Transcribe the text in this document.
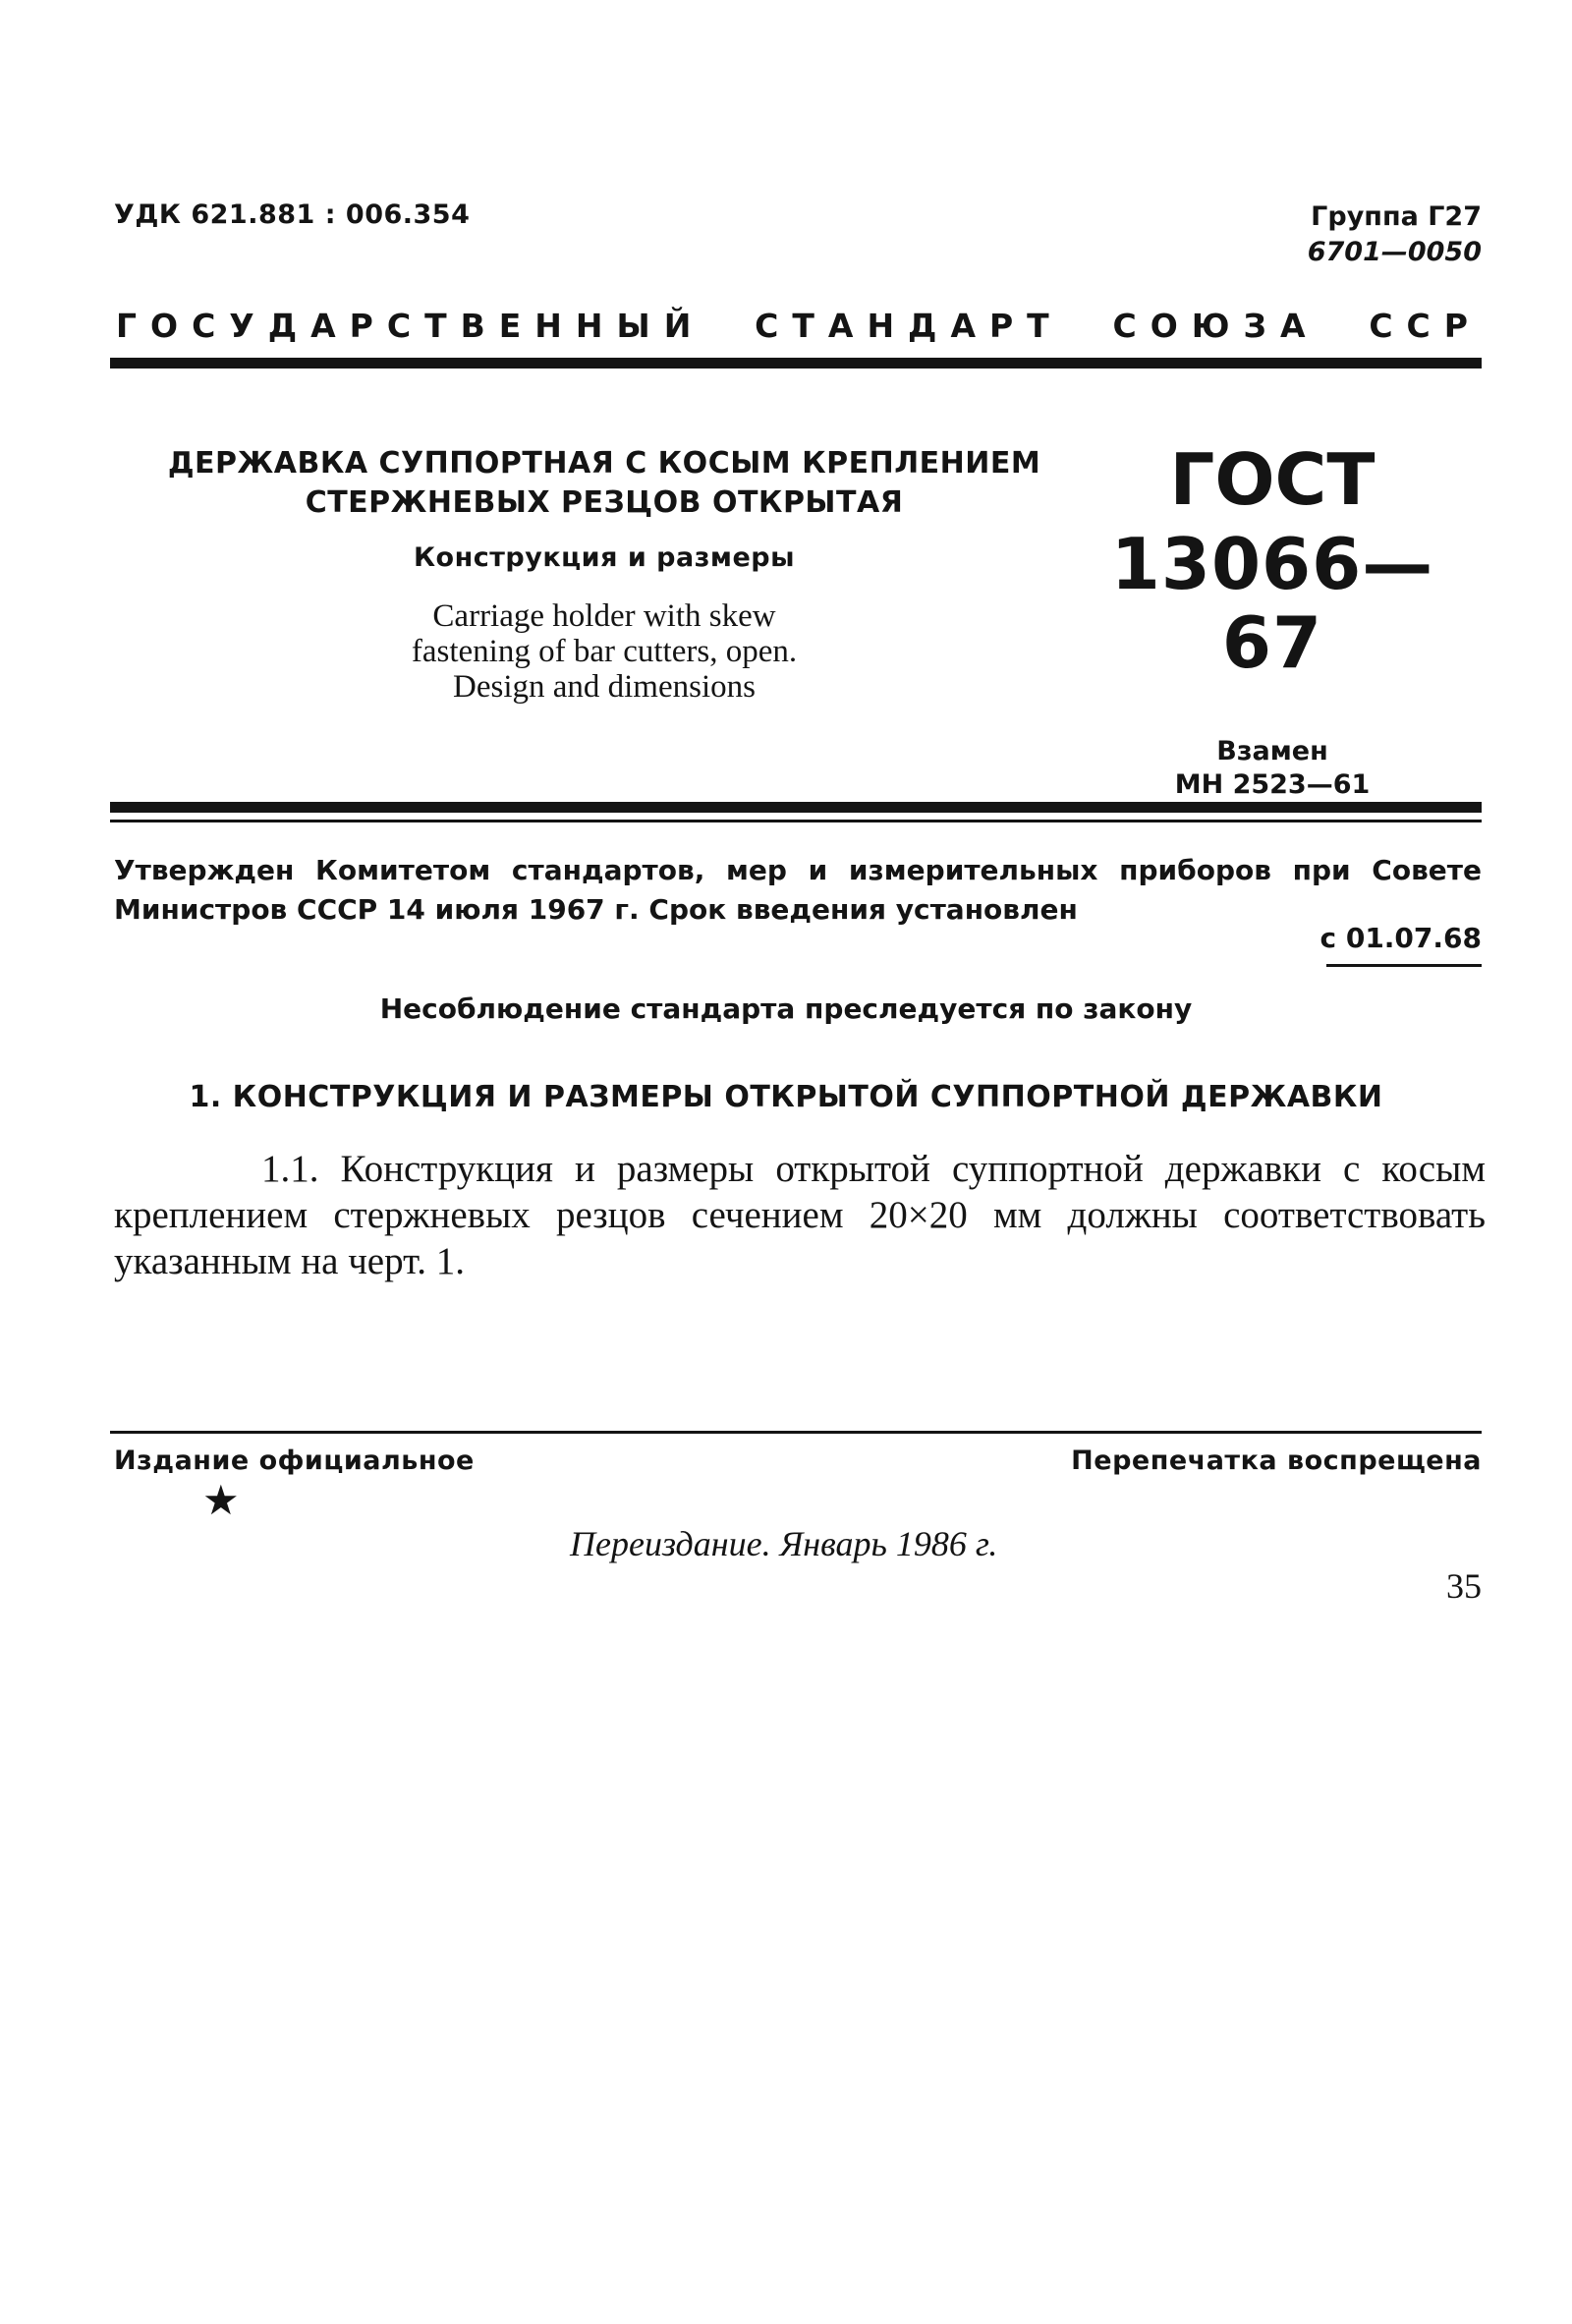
УДК 621.881 : 006.354	Группа Г27
6701—0050
ГОСУДАРСТВЕННЫЙ СТАНДАРТ СОЮЗА ССР
ДЕРЖАВКА СУППОРТНАЯ С КОСЫМ КРЕПЛЕНИЕМ
СТЕРЖНЕВЫХ РЕЗЦОВ ОТКРЫТАЯ
Конструкция и размеры
Carriage holder with skew
fastening of bar cutters, open.
Design and dimensions
ГОСТ
13066—67
Взамен
МН 2523—61
Утвержден Комитетом стандартов, мер и измерительных приборов при Совете Министров СССР 14 июля 1967 г. Срок введения установлен
с 01.07.68
Несоблюдение стандарта преследуется по закону
1. КОНСТРУКЦИЯ И РАЗМЕРЫ ОТКРЫТОЙ СУППОРТНОЙ ДЕРЖАВКИ
1.1. Конструкция и размеры открытой суппортной державки с косым креплением стержневых резцов сечением 20×20 мм должны соответствовать указанным на черт. 1.
Издание официальное	Перепечатка воспрещена
★
Переиздание. Январь 1986 г.
35
